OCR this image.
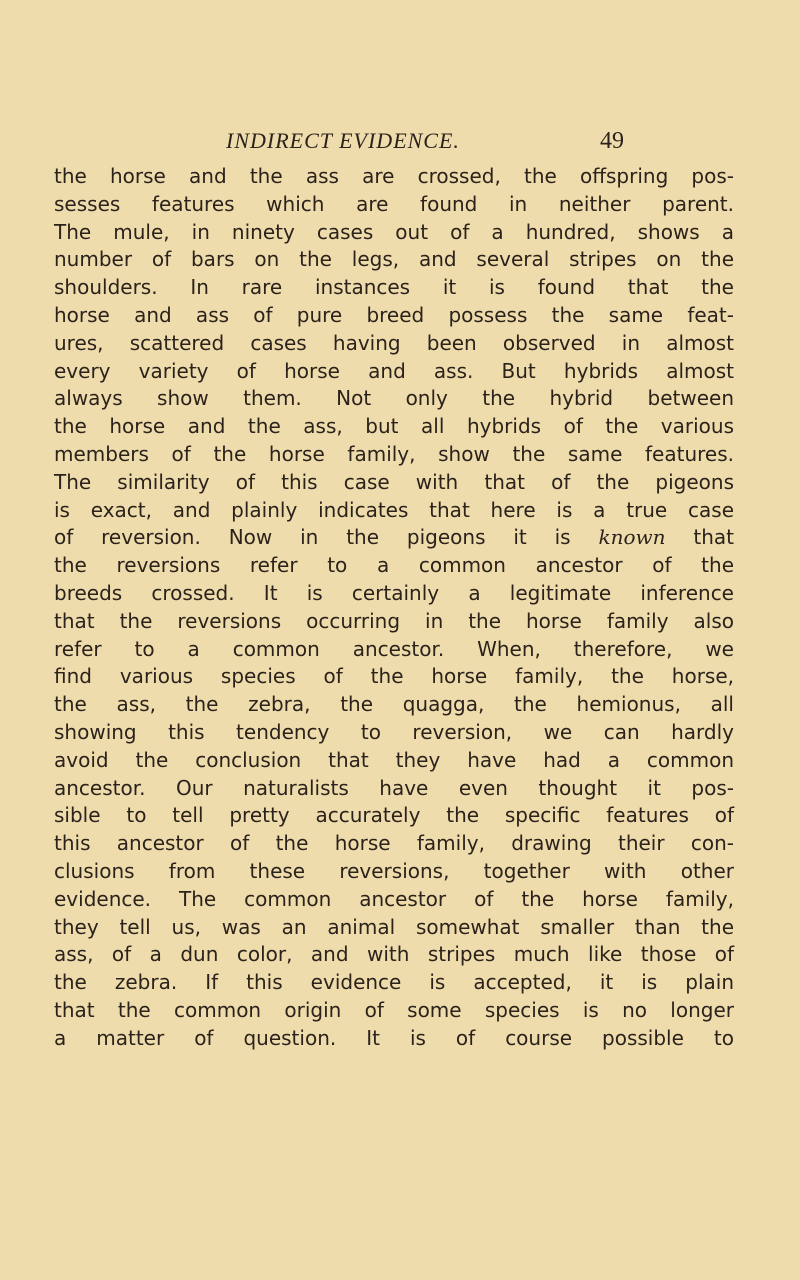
INDIRECT EVIDENCE.	49
the horse and the ass are crossed, the offspring pos-
sesses features which are found in neither parent.
The mule, in ninety cases out of a hundred, shows a
number of bars on the legs, and several stripes on the
shoulders. In rare instances it is found that the
horse and ass of pure breed possess the same feat-
ures, scattered cases having been observed in almost
every variety of horse and ass. But hybrids almost
always show them. Not only the hybrid between
the horse and the ass, but all hybrids of the various
members of the horse family, show the same features.
The similarity of this case with that of the pigeons
is exact, and plainly indicates that here is a true case
of reversion. Now in the pigeons it is known that
the reversions refer to a common ancestor of the
breeds crossed. It is certainly a legitimate inference
that the reversions occurring in the horse family also
refer to a common ancestor. When, therefore, we
find various species of the horse family, the horse,
the ass, the zebra, the quagga, the hemionus, all
showing this tendency to reversion, we can hardly
avoid the conclusion that they have had a common
ancestor. Our naturalists have even thought it pos-
sible to tell pretty accurately the specific features of
this ancestor of the horse family, drawing their con-
clusions from these reversions, together with other
evidence. The common ancestor of the horse family,
they tell us, was an animal somewhat smaller than the
ass, of a dun color, and with stripes much like those of
the zebra. If this evidence is accepted, it is plain
that the common origin of some species is no longer
a matter of question. It is of course possible to
